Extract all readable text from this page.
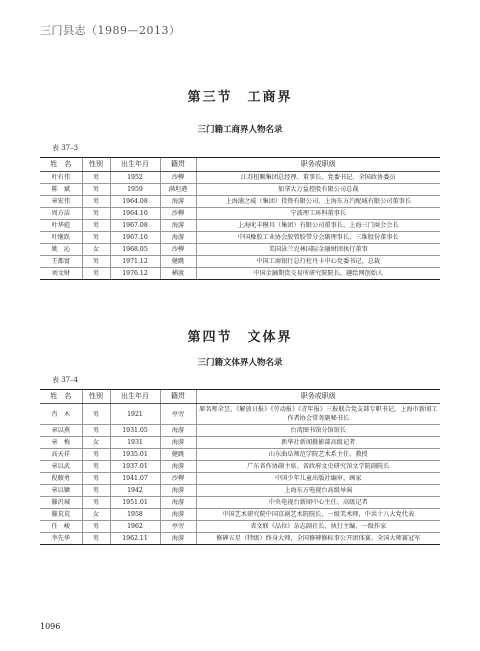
三门县志（1989—2013）
第三节　工商界
三门籍工商界人物名录
表 37–3
姓　名	性别	出生年月	籍贯	职务或职级
叶有伟	男	1952	沙柳	江苏扭顺集团总经理、董事长、党委书记、全国政协委员
陈　斌	男	1959	满坦港	加拿大万益控股有限公司总裁
章宏伟	男	1964.08	海游	上海浦之威（集团）投资有限公司、上海东方汽配城有限公司董事长
周方洁	男	1964.10	沙柳	宁波理工环科董事长
叶华彪	男	1967.08	海游	上海叱丰模具（集团）有限公司董事长、上海三门商会会长
叶继跃	男	1967.10	海游	中国橡胶工业协会胶管胶带分会副理事长、三维股份董事长
姚　沁	女	1968.05	沙柳	美国泳兰克林国际金融财团执行董事
王都富	男	1971.12	健跳	中国工商银行总行杜丹卡中心党委书记、总裁
刘文财	男	1976.12	横渡	中国金融期货交易所研究院院长，趣绘网创始人
第四节　文体界
三门籍文体界人物名录
表 37–4
姓　名	性别	出生年月	籍贯	职务或职级
肖　木	男	1921	亭旁	原名郏全昱，《解放日报》《劳动报》《青年报》三报联合党支部专职书记，上海市新闻工作者协会常务副秘书长
章以燕	男	1931.05	海游	台湾图书馆分馆馆长
章　梅	女	1931	海游	新华社新闻摄影部高级记者
高天祥	男	1935.01	健跳	山东曲阜师范学院艺术系主任、教授
章以武	男	1937.01	海游	广东省作协副主席、省政府文史研究馆文学院副院长
倪頫勇	男	1941.07	沙柳	中国少年儿童出版社编审、画家
章以镳	男	1942	海游	上海东方电视台高级导演
滕沢城	男	1951.01	海游	中央电视台新闻中心主任、高级记者
滕荒荒	女	1958	海游	中国艺术研究院中国京剧艺术院院长、一级美术师，中共十八大党代表
任　峻	男	1962	亭旁	省文联《品位》杂志副社长、执行主编、一级作家
李先华	男	1962.11	海游	修碑五星（特级）终身大师，全国修碑修标事公开团体赛、全国大师赛冠军
1096
